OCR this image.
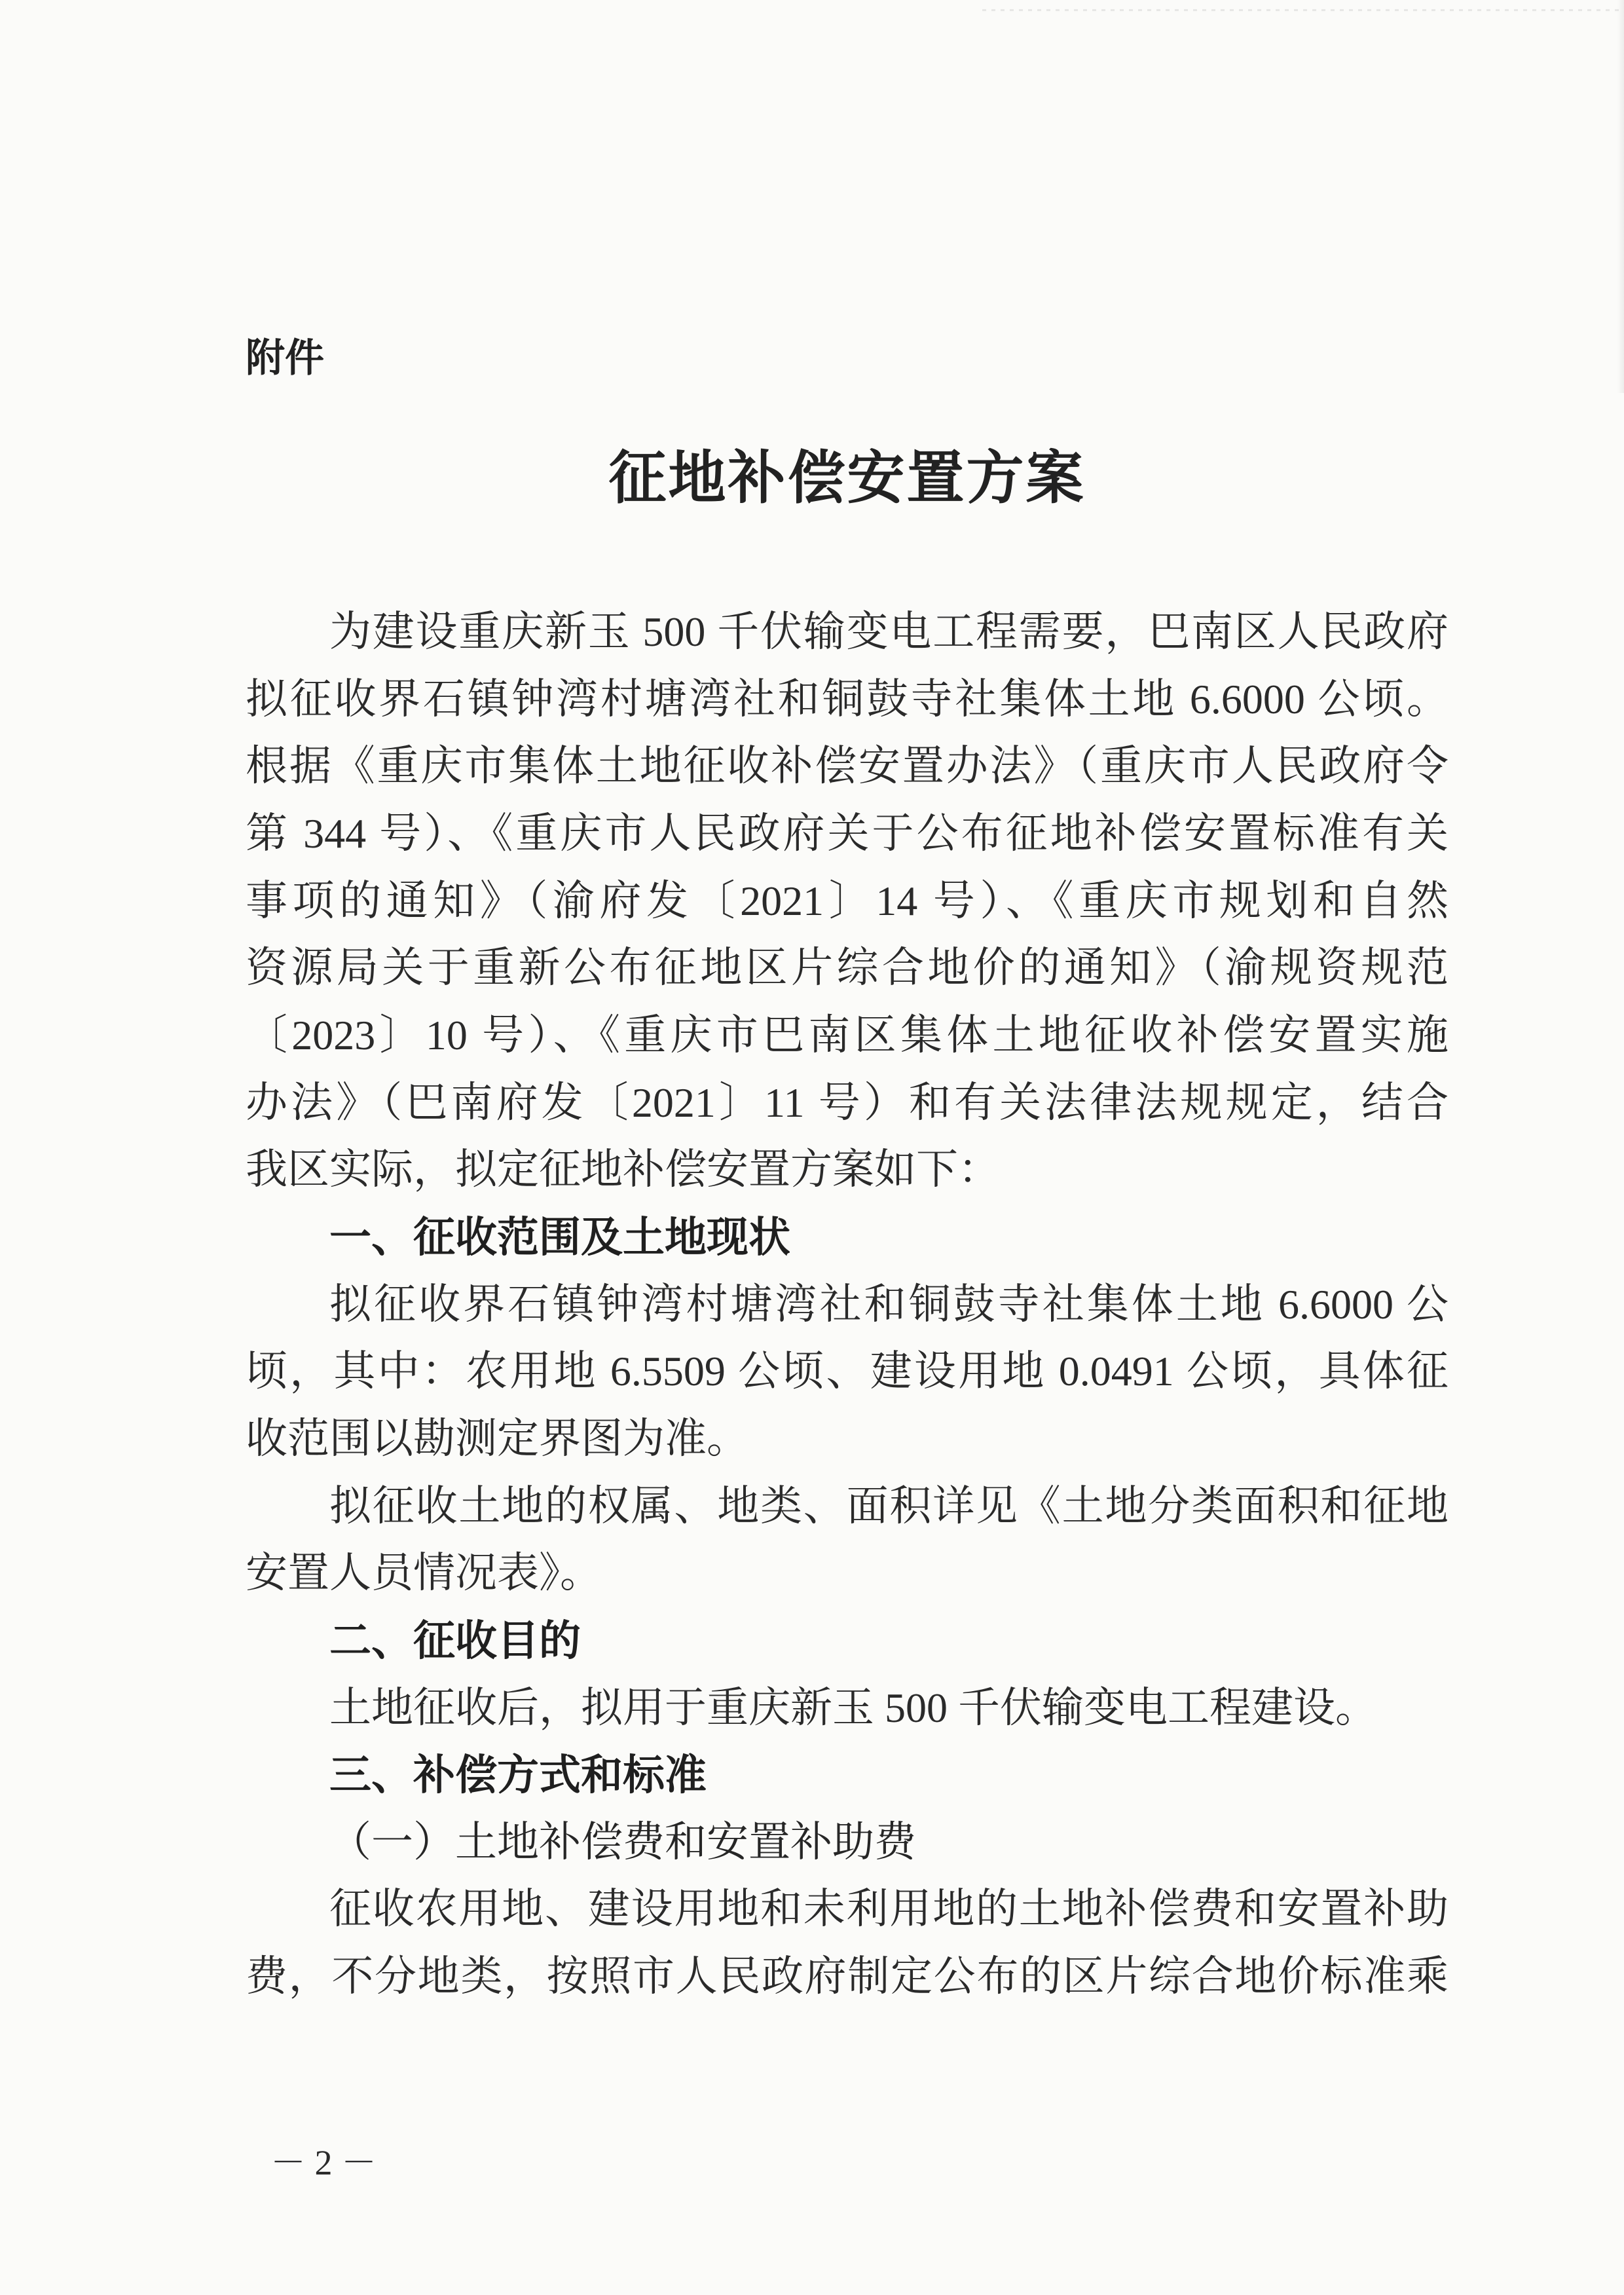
附件
征地补偿安置方案
为建设重庆新玉 500 千伏输变电工程需要，巴南区人民政府
拟征收界石镇钟湾村塘湾社和铜鼓寺社集体土地 6.6000 公顷。
根据《重庆市集体土地征收补偿安置办法》（重庆市人民政府令
第 344 号）、《重庆市人民政府关于公布征地补偿安置标准有关
事项的通知》（渝府发〔2021〕14 号）、《重庆市规划和自然
资源局关于重新公布征地区片综合地价的通知》（渝规资规范
〔2023〕10 号）、《重庆市巴南区集体土地征收补偿安置实施
办法》（巴南府发〔2021〕11 号）和有关法律法规规定，结合
我区实际，拟定征地补偿安置方案如下：
一、征收范围及土地现状
拟征收界石镇钟湾村塘湾社和铜鼓寺社集体土地 6.6000 公
顷，其中：农用地 6.5509 公顷、建设用地 0.0491 公顷，具体征
收范围以勘测定界图为准。
拟征收土地的权属、地类、面积详见《土地分类面积和征地
安置人员情况表》。
二、征收目的
土地征收后，拟用于重庆新玉 500 千伏输变电工程建设。
三、补偿方式和标准
（一）土地补偿费和安置补助费
征收农用地、建设用地和未利用地的土地补偿费和安置补助
费，不分地类，按照市人民政府制定公布的区片综合地价标准乘
－ 2 －
